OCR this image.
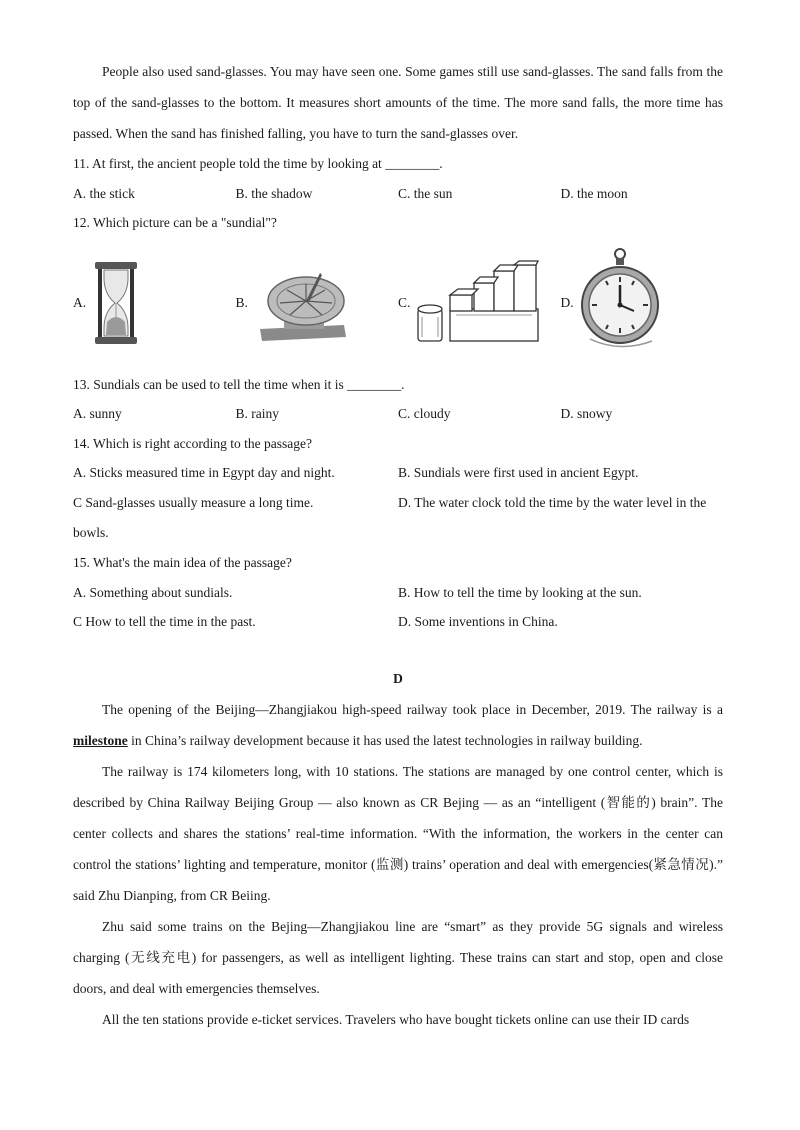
People also used sand-glasses. You may have seen one. Some games still use sand-glasses. The sand falls from the top of the sand-glasses to the bottom. It measures short amounts of the time. The more sand falls, the more time has passed. When the sand has finished falling, you have to turn the sand-glasses over.

11. At first, the ancient people told the time by looking at ________.

A. the stick	B. the shadow	C. the sun	D. the moon

12. Which picture can be a "sundial"?

A.	B.	C.	D.

13. Sundials can be used to tell the time when it is ________.

A. sunny	B. rainy	C. cloudy	D. snowy

14. Which is right according to the passage?

A. Sticks measured time in Egypt day and night.	B. Sundials were first used in ancient Egypt.
C Sand-glasses usually measure a long time.	D. The water clock told the time by the water level in the

bowls.

15. What's the main idea of the passage?

A. Something about sundials.	B. How to tell the time by looking at the sun.
C How to tell the time in the past.	D. Some inventions in China.
D

The opening of the Beijing—Zhangjiakou high-speed railway took place in December, 2019. The railway is a milestone in China’s railway development because it has used the latest technologies in railway building.

The railway is 174 kilometers long, with 10 stations. The stations are managed by one control center, which is described by China Railway Beijing Group — also known as CR Bejing — as an “intelligent (智能的) brain”. The center collects and shares the stations’ real-time information. “With the information, the workers in the center can control the stations’ lighting and temperature, monitor (监测) trains’ operation and deal with emergencies(紧急情况).” said Zhu Dianping, from CR Beiing.

Zhu said some trains on the Bejing—Zhangjiakou line are “smart” as they provide 5G signals and wireless charging (无线充电) for passengers, as well as intelligent lighting. These trains can start and stop, open and close doors, and deal with emergencies themselves.

All the ten stations provide e-ticket services. Travelers who have bought tickets online can use their ID cards
